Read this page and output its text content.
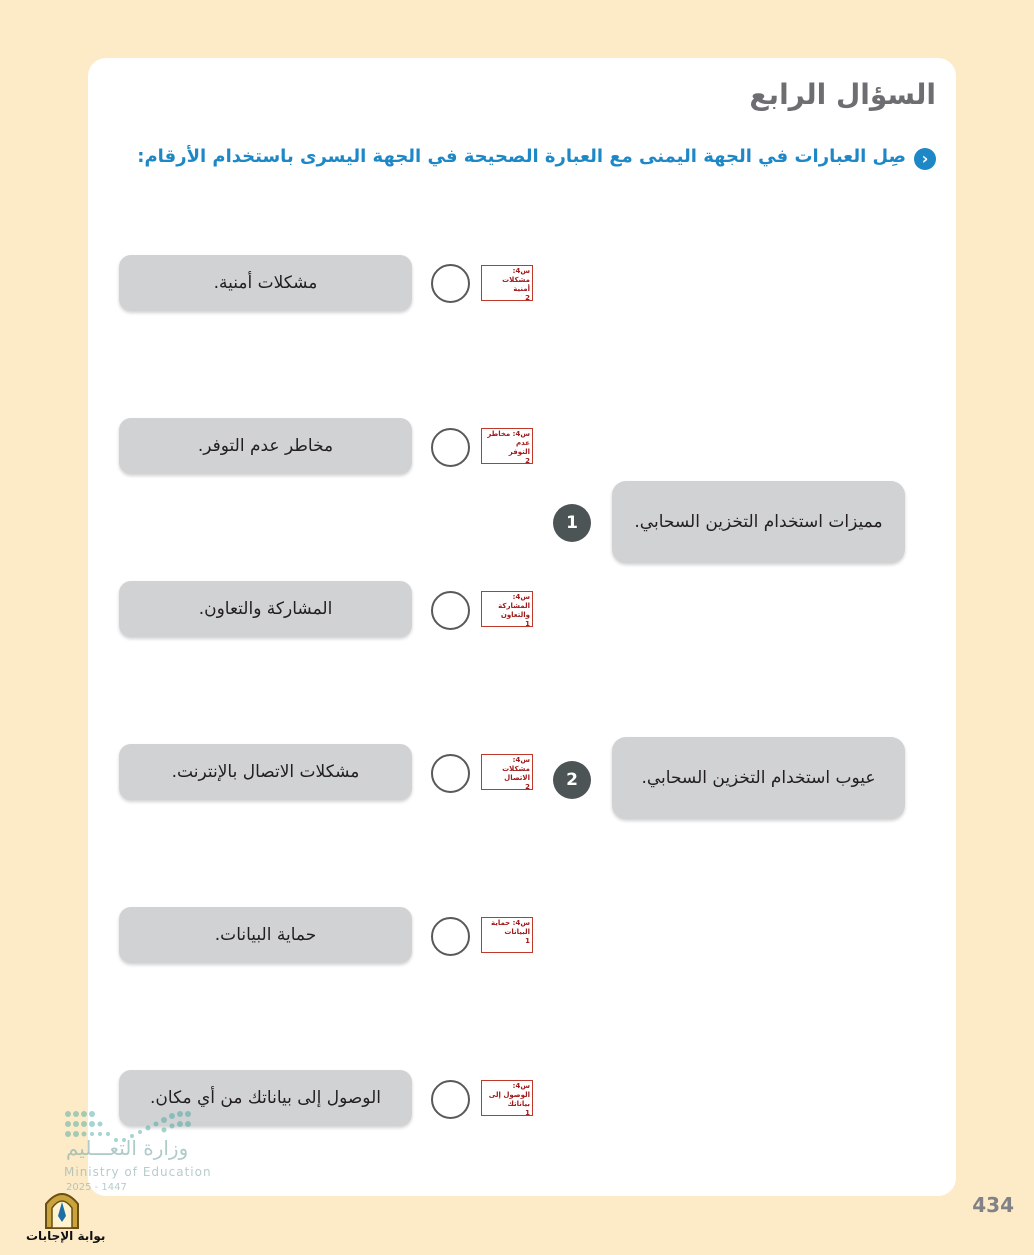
السؤال الرابع
›
صِل العبارات في الجهة اليمنى مع العبارة الصحيحة في الجهة اليسرى باستخدام الأرقام:
مشكلات أمنية.
س4: مشكلات
أمنية
2
مخاطر عدم التوفر.
س4: مخاطر عدم
التوفر
2
المشاركة والتعاون.
س4: المشاركة
والتعاون
1
مشكلات الاتصال بالإنترنت.
س4: مشكلات
الاتصال
2
حماية البيانات.
س4: حماية
البيانات
1
الوصول إلى بياناتك من أي مكان.
س4: الوصول إلى
بياناتك
1
1	مميزات استخدام التخزين السحابي.
2	عيوب استخدام التخزين السحابي.
وزارة التعـــليم
Ministry of Education
2025 - 1447
434
بوابة الإجابات
